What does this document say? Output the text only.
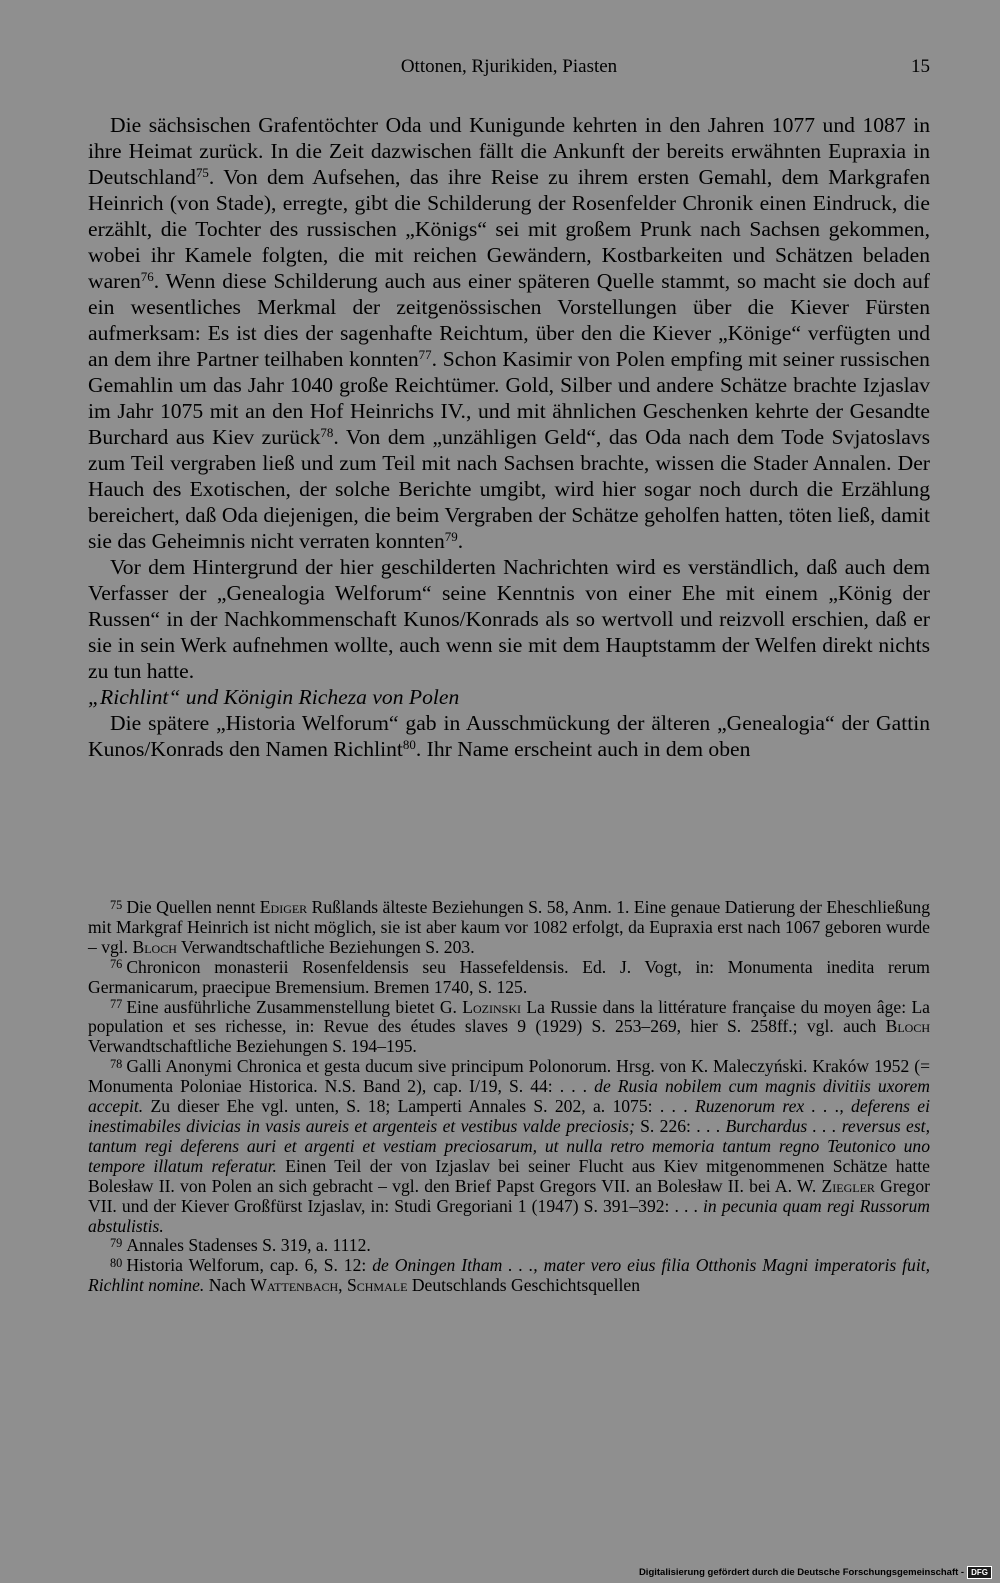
Ottonen, Rjurikiden, Piasten	15

Die sächsischen Grafentöchter Oda und Kunigunde kehrten in den Jahren 1077 und 1087 in ihre Heimat zurück. In die Zeit dazwischen fällt die Ankunft der bereits erwähnten Eupraxia in Deutschland$^{75}$. Von dem Aufsehen, das ihre Reise zu ihrem ersten Gemahl, dem Markgrafen Heinrich (von Stade), erregte, gibt die Schilderung der Rosenfelder Chronik einen Eindruck, die erzählt, die Tochter des russischen „Königs“ sei mit großem Prunk nach Sachsen gekommen, wobei ihr Kamele folgten, die mit reichen Gewändern, Kostbarkeiten und Schätzen beladen waren$^{76}$. Wenn diese Schilderung auch aus einer späteren Quelle stammt, so macht sie doch auf ein wesentliches Merkmal der zeitgenössischen Vorstellungen über die Kiever Fürsten aufmerksam: Es ist dies der sagenhafte Reichtum, über den die Kiever „Könige“ verfügten und an dem ihre Partner teilhaben konnten$^{77}$. Schon Kasimir von Polen empfing mit seiner russischen Gemahlin um das Jahr 1040 große Reichtümer. Gold, Silber und andere Schätze brachte Izjaslav im Jahr 1075 mit an den Hof Heinrichs IV., und mit ähnlichen Geschenken kehrte der Gesandte Burchard aus Kiev zurück$^{78}$. Von dem „unzähligen Geld“, das Oda nach dem Tode Svjatoslavs zum Teil vergraben ließ und zum Teil mit nach Sachsen brachte, wissen die Stader Annalen. Der Hauch des Exotischen, der solche Berichte umgibt, wird hier sogar noch durch die Erzählung bereichert, daß Oda diejenigen, die beim Vergraben der Schätze geholfen hatten, töten ließ, damit sie das Geheimnis nicht verraten konnten$^{79}$.

Vor dem Hintergrund der hier geschilderten Nachrichten wird es verständlich, daß auch dem Verfasser der „Genealogia Welforum“ seine Kenntnis von einer Ehe mit einem „König der Russen“ in der Nachkommenschaft Kunos/Konrads als so wertvoll und reizvoll erschien, daß er sie in sein Werk aufnehmen wollte, auch wenn sie mit dem Hauptstamm der Welfen direkt nichts zu tun hatte.

„Richlint“ und Königin Richeza von Polen

Die spätere „Historia Welforum“ gab in Ausschmückung der älteren „Genealogia“ der Gattin Kunos/Konrads den Namen Richlint$^{80}$. Ihr Name erscheint auch in dem oben

$^{75}$ Die Quellen nennt Ediger Rußlands älteste Beziehungen S. 58, Anm. 1. Eine genaue Datierung der Eheschließung mit Markgraf Heinrich ist nicht möglich, sie ist aber kaum vor 1082 erfolgt, da Eupraxia erst nach 1067 geboren wurde – vgl. Bloch Verwandtschaftliche Beziehungen S. 203.

$^{76}$ Chronicon monasterii Rosenfeldensis seu Hassefeldensis. Ed. J. Vogt, in: Monumenta inedita rerum Germanicarum, praecipue Bremensium. Bremen 1740, S. 125.

$^{77}$ Eine ausführliche Zusammenstellung bietet G. Lozinski La Russie dans la littérature française du moyen âge: La population et ses richesse, in: Revue des études slaves 9 (1929) S. 253–269, hier S. 258ff.; vgl. auch Bloch Verwandtschaftliche Beziehungen S. 194–195.

$^{78}$ Galli Anonymi Chronica et gesta ducum sive principum Polonorum. Hrsg. von K. Maleczyński. Kraków 1952 (= Monumenta Poloniae Historica. N.S. Band 2), cap. I/19, S. 44: . . . de Rusia nobilem cum magnis divitiis uxorem accepit. Zu dieser Ehe vgl. unten, S. 18; Lamperti Annales S. 202, a. 1075: . . . Ruzenorum rex . . ., deferens ei inestimabiles divicias in vasis aureis et argenteis et vestibus valde preciosis; S. 226: . . . Burchardus . . . reversus est, tantum regi deferens auri et argenti et vestiam preciosarum, ut nulla retro memoria tantum regno Teutonico uno tempore illatum referatur. Einen Teil der von Izjaslav bei seiner Flucht aus Kiev mitgenommenen Schätze hatte Bolesław II. von Polen an sich gebracht – vgl. den Brief Papst Gregors VII. an Bolesław II. bei A. W. Ziegler Gregor VII. und der Kiever Großfürst Izjaslav, in: Studi Gregoriani 1 (1947) S. 391–392: . . . in pecunia quam regi Russorum abstulistis.

$^{79}$ Annales Stadenses S. 319, a. 1112.

$^{80}$ Historia Welforum, cap. 6, S. 12: de Oningen Itham . . ., mater vero eius filia Otthonis Magni imperatoris fuit, Richlint nomine. Nach Wattenbach, Schmale Deutschlands Geschichtsquellen

Digitalisierung gefördert durch die Deutsche Forschungsgemeinschaft - DFG
